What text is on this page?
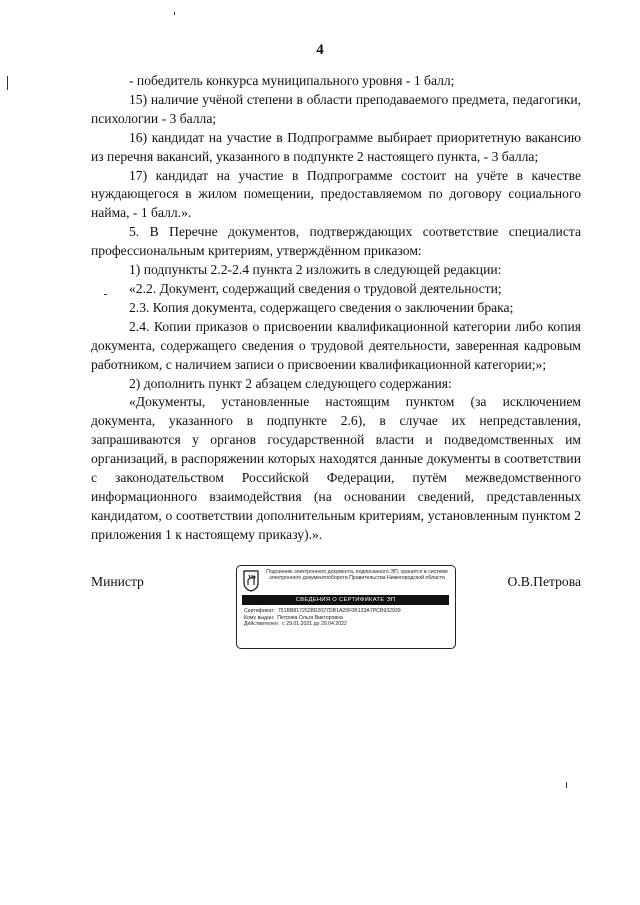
4

- победитель конкурса муниципального уровня - 1 балл;

15) наличие учёной степени в области преподаваемого предмета, педагогики, психологии - 3 балла;

16) кандидат на участие в Подпрограмме выбирает приоритетную вакансию из перечня вакансий, указанного в подпункте 2 настоящего пункта, - 3 балла;

17) кандидат на участие в Подпрограмме состоит на учёте в качестве нуждающегося в жилом помещении, предоставляемом по договору социального найма, - 1 балл.».

5. В Перечне документов, подтверждающих соответствие специалиста профессиональным критериям, утверждённом приказом:

1) подпункты 2.2-2.4 пункта 2 изложить в следующей редакции:

«2.2. Документ, содержащий сведения о трудовой деятельности;

2.3. Копия документа, содержащего сведения о заключении брака;

2.4. Копии приказов о присвоении квалификационной категории либо копия документа, содержащего сведения о трудовой деятельности, заверенная кадровым работником, с наличием записи о присвоении квалификационной категории;»;

2) дополнить пункт 2 абзацем следующего содержания:

«Документы, установленные настоящим пунктом (за исключением документа, указанного в подпункте 2.6), в случае их непредставления, запрашиваются у органов государственной власти и подведомственных им организаций, в распоряжении которых находятся данные документы в соответствии с законодательством Российской Федерации, путём межведомственного информационного взаимодействия (на основании сведений, представленных кандидатом, о соответствии дополнительным критериям, установленным пунктом 2 приложения 1 к настоящему приказу).».

Министр
Подлинник электронного документа, подписанного ЭП, хранится в системе электронного документооборота Правительства Нижегородской области
СВЕДЕНИЯ О СЕРТИФИКАТЕ ЭП
Сертификат: 751BB8172528D2027DB1A20F0B133A7PCB932939
Кому выдан: Петрова Ольга Викторовна
Действителен: с 29.01.2021 до 29.04.2022
О.В.Петрова
